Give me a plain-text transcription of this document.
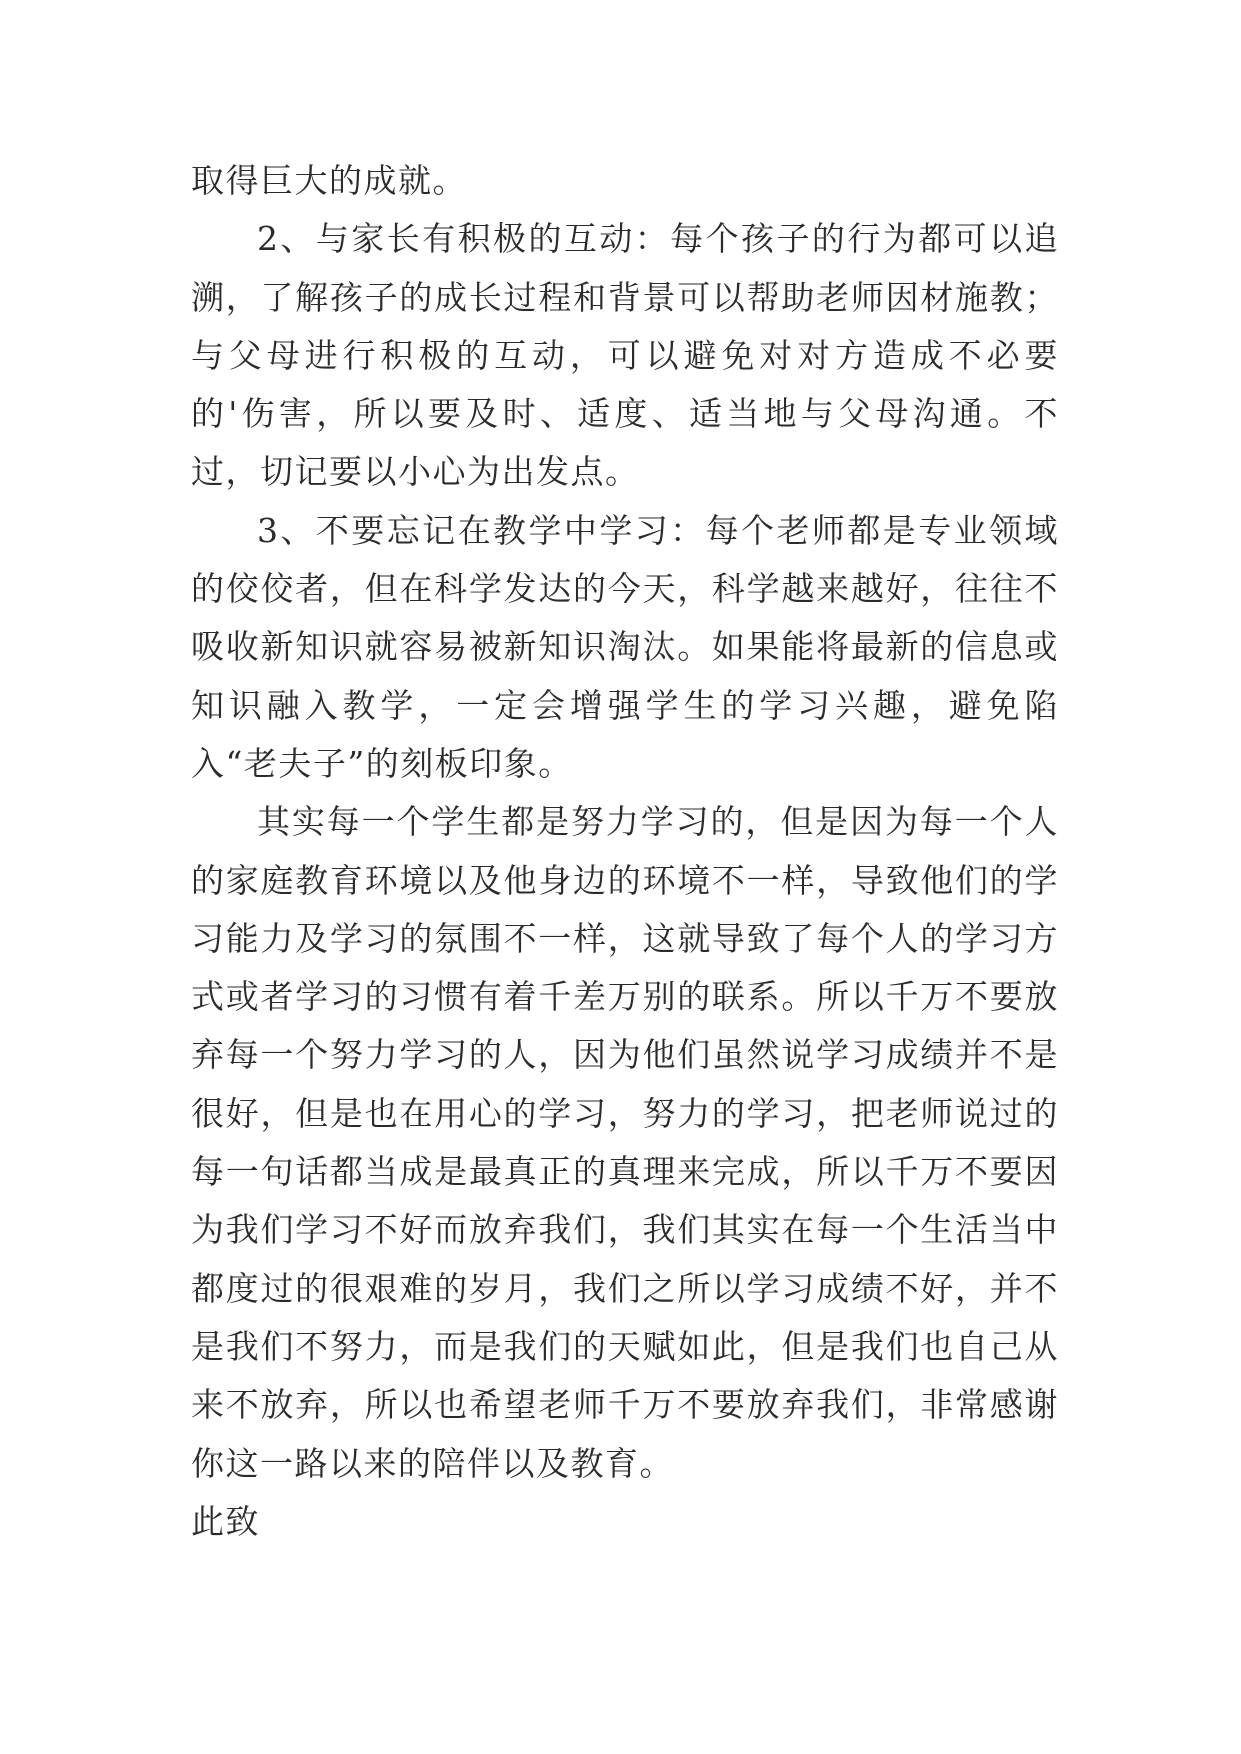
取得巨大的成就。

2、与家长有积极的互动：每个孩子的行为都可以追溯，了解孩子的成长过程和背景可以帮助老师因材施教；与父母进行积极的互动，可以避免对对方造成不必要的'伤害，所以要及时、适度、适当地与父母沟通。不过，切记要以小心为出发点。

3、不要忘记在教学中学习：每个老师都是专业领域的佼佼者，但在科学发达的今天，科学越来越好，往往不吸收新知识就容易被新知识淘汰。如果能将最新的信息或知识融入教学，一定会增强学生的学习兴趣，避免陷入“老夫子”的刻板印象。

其实每一个学生都是努力学习的，但是因为每一个人的家庭教育环境以及他身边的环境不一样，导致他们的学习能力及学习的氛围不一样，这就导致了每个人的学习方式或者学习的习惯有着千差万别的联系。所以千万不要放弃每一个努力学习的人，因为他们虽然说学习成绩并不是很好，但是也在用心的学习，努力的学习，把老师说过的每一句话都当成是最真正的真理来完成，所以千万不要因为我们学习不好而放弃我们，我们其实在每一个生活当中都度过的很艰难的岁月，我们之所以学习成绩不好，并不是我们不努力，而是我们的天赋如此，但是我们也自己从来不放弃，所以也希望老师千万不要放弃我们，非常感谢你这一路以来的陪伴以及教育。

此致
